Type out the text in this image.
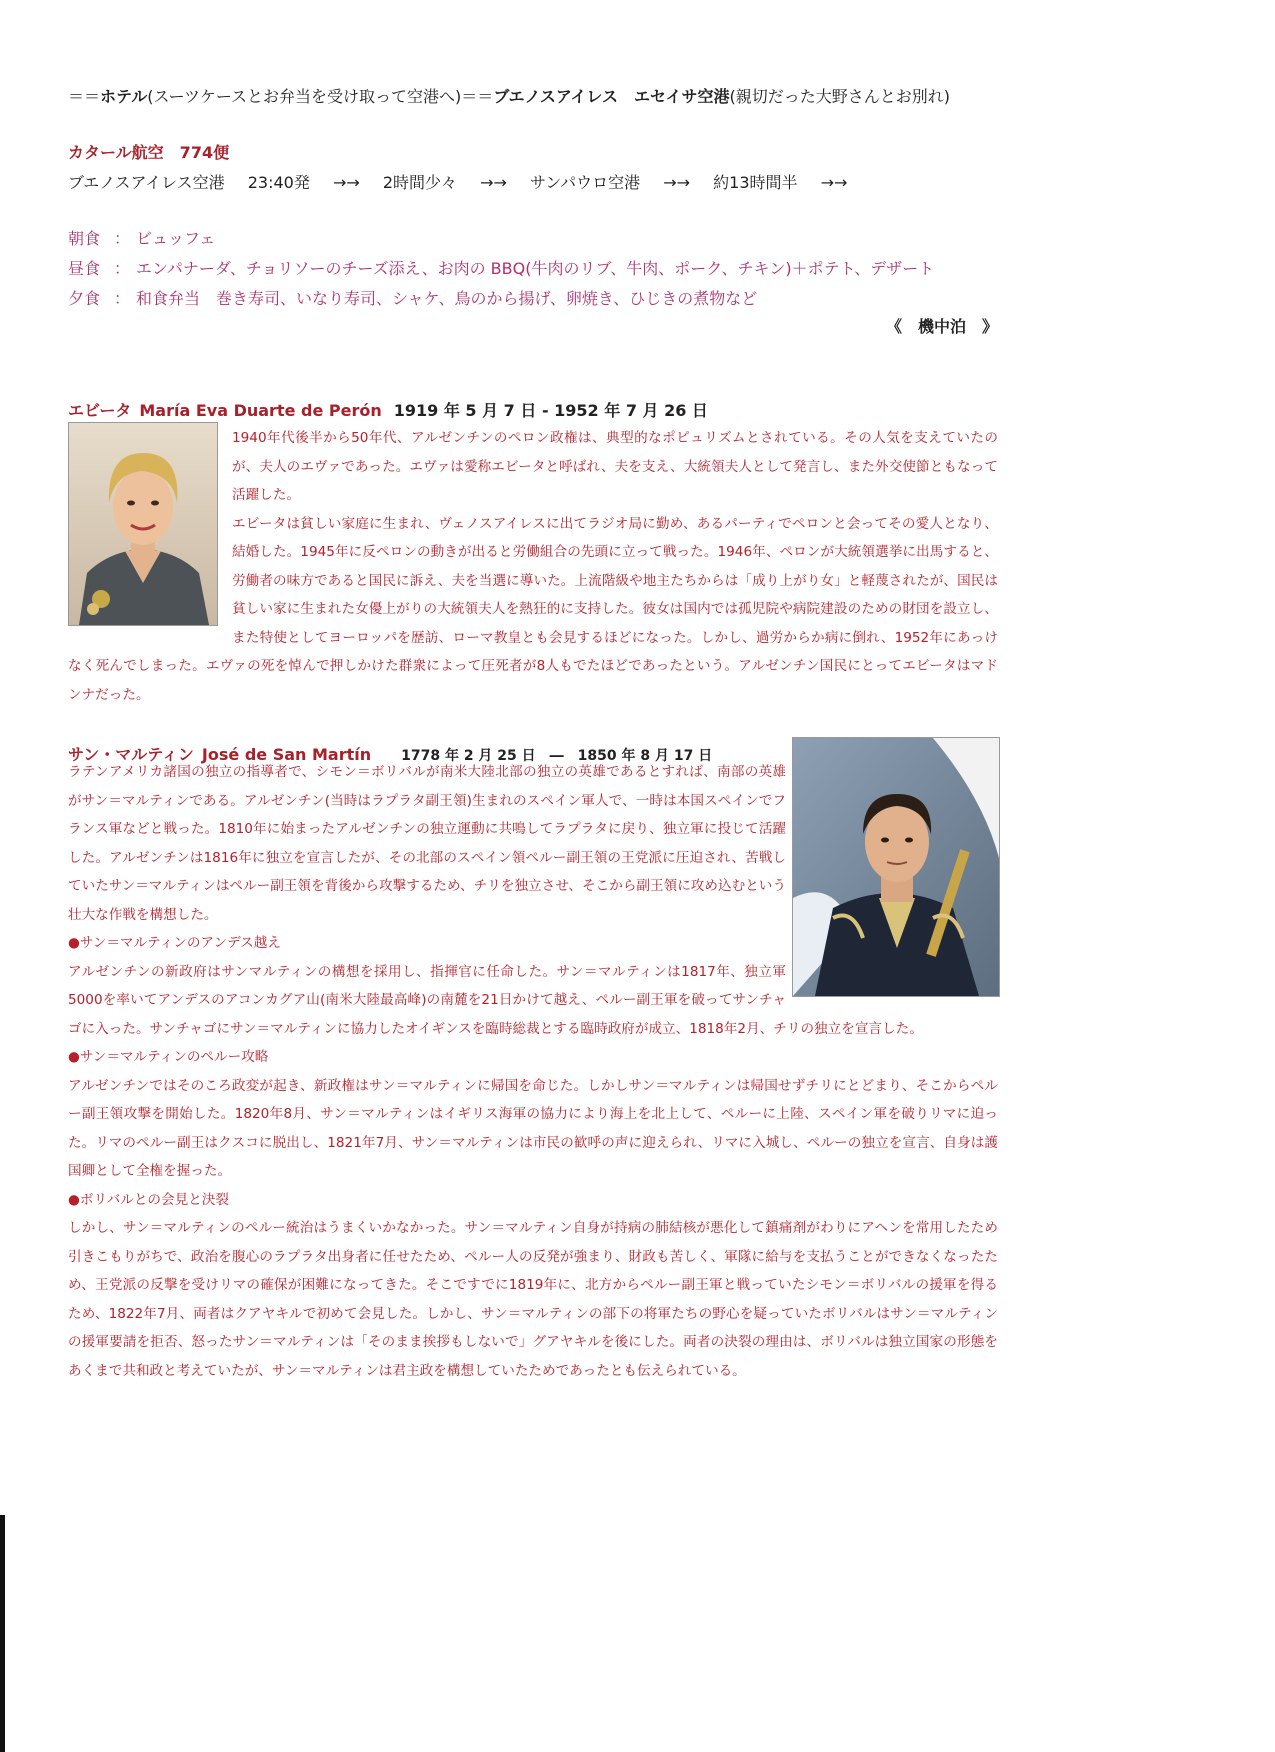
＝＝ホテル(スーツケースとお弁当を受け取って空港へ)＝＝ブエノスアイレス　エセイサ空港(親切だった大野さんとお別れ)
カタール航空　774便
ブエノスアイレス空港 23:40発 →→ 2時間少々 →→ サンパウロ空港 →→ 約13時間半 →→
朝食 ： ビュッフェ
昼食 ： エンパナーダ、チョリソーのチーズ添え、お肉の BBQ(牛肉のリブ、牛肉、ポーク、チキン)＋ポテト、デザート
夕食 ： 和食弁当　巻き寿司、いなり寿司、シャケ、鳥のから揚げ、卵焼き、ひじきの煮物など
《　機中泊　》
エビータ María Eva Duarte de Perón 1919 年 5 月 7 日 - 1952 年 7 月 26 日
1940年代後半から50年代、アルゼンチンのペロン政権は、典型的なポピュリズムとされている。その人気を支えていたのが、夫人のエヴァであった。エヴァは愛称エビータと呼ばれ、夫を支え、大統領夫人として発言し、また外交使節ともなって活躍した。
エビータは貧しい家庭に生まれ、ヴェノスアイレスに出てラジオ局に勤め、あるパーティでペロンと会ってその愛人となり、結婚した。1945年に反ペロンの動きが出ると労働組合の先頭に立って戦った。1946年、ペロンが大統領選挙に出馬すると、労働者の味方であると国民に訴え、夫を当選に導いた。上流階級や地主たちからは「成り上がり女」と軽蔑されたが、国民は貧しい家に生まれた女優上がりの大統領夫人を熱狂的に支持した。彼女は国内では孤児院や病院建設のための財団を設立し、また特使としてヨーロッパを歴訪、ローマ教皇とも会見するほどになった。しかし、過労からか病に倒れ、1952年にあっけなく死んでしまった。エヴァの死を悼んで押しかけた群衆によって圧死者が8人もでたほどであったという。アルゼンチン国民にとってエビータはマドンナだった。
サン・マルティン José de San Martín 1778 年 2 月 25 日　―　1850 年 8 月 17 日
ラテンアメリカ諸国の独立の指導者で、シモン＝ボリバルが南米大陸北部の独立の英雄であるとすれば、南部の英雄がサン＝マルティンである。アルゼンチン(当時はラプラタ副王領)生まれのスペイン軍人で、一時は本国スペインでフランス軍などと戦った。1810年に始まったアルゼンチンの独立運動に共鳴してラプラタに戻り、独立軍に投じて活躍した。アルゼンチンは1816年に独立を宣言したが、その北部のスペイン領ペルー副王領の王党派に圧迫され、苦戦していたサン＝マルティンはペルー副王領を背後から攻撃するため、チリを独立させ、そこから副王領に攻め込むという壮大な作戦を構想した。
●サン＝マルティンのアンデス越え
アルゼンチンの新政府はサンマルティンの構想を採用し、指揮官に任命した。サン＝マルティンは1817年、独立軍5000を率いてアンデスのアコンカグア山(南米大陸最高峰)の南麓を21日かけて越え、ペルー副王軍を破ってサンチャゴに入った。サンチャゴにサン＝マルティンに協力したオイギンスを臨時総裁とする臨時政府が成立、1818年2月、チリの独立を宣言した。
●サン＝マルティンのペルー攻略
アルゼンチンではそのころ政変が起き、新政権はサン＝マルティンに帰国を命じた。しかしサン＝マルティンは帰国せずチリにとどまり、そこからペルー副王領攻撃を開始した。1820年8月、サン＝マルティンはイギリス海軍の協力により海上を北上して、ペルーに上陸、スペイン軍を破りリマに迫った。リマのペルー副王はクスコに脱出し、1821年7月、サン＝マルティンは市民の歓呼の声に迎えられ、リマに入城し、ペルーの独立を宣言、自身は護国卿として全権を握った。
●ボリバルとの会見と決裂
しかし、サン＝マルティンのペルー統治はうまくいかなかった。サン＝マルティン自身が持病の肺結核が悪化して鎮痛剤がわりにアヘンを常用したため引きこもりがちで、政治を腹心のラプラタ出身者に任せたため、ペルー人の反発が強まり、財政も苦しく、軍隊に給与を支払うことができなくなったため、王党派の反撃を受けリマの確保が困難になってきた。そこですでに1819年に、北方からペルー副王軍と戦っていたシモン＝ボリバルの援軍を得るため、1822年7月、両者はクアヤキルで初めて会見した。しかし、サン＝マルティンの部下の将軍たちの野心を疑っていたボリバルはサン＝マルティンの援軍要請を拒否、怒ったサン＝マルティンは「そのまま挨拶もしないで」グアヤキルを後にした。両者の決裂の理由は、ボリバルは独立国家の形態をあくまで共和政と考えていたが、サン＝マルティンは君主政を構想していたためであったとも伝えられている。
